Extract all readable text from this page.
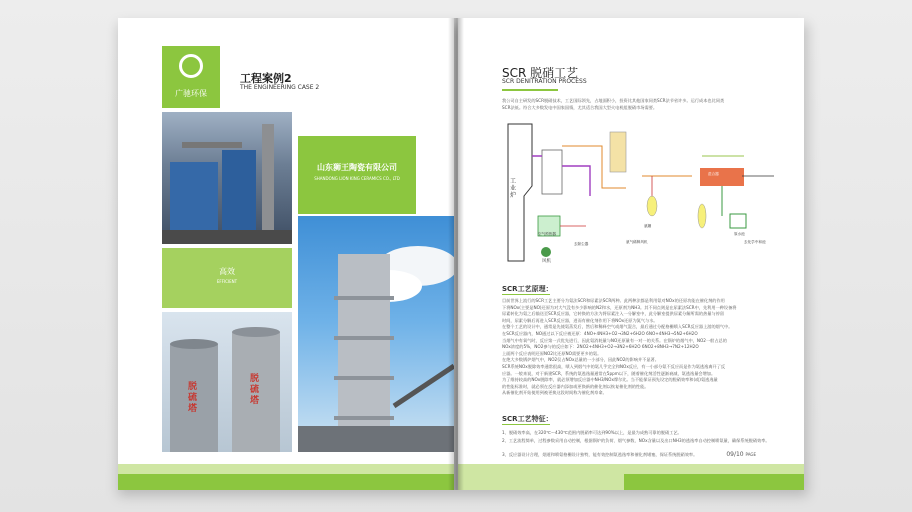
广驰环保
工程案例2
THE ENGINEERING CASE 2
山东狮王陶瓷有限公司
SHANDONG LION KING CERAMICS CO., LTD
高效
EFFICIENT
脱硫塔
脱硫塔
SCR 脱硝工艺
SCR DENITRATION PROCESS
我公司自主研发的SCR脱硝技术，工艺国际领先，占地面积小，投资比其他国家同类SCR法节省许多。运行成本也比同类
SCR法低。符合大多数发电中国家国情，尤其适合我国大型火电机组脱硝市场需要。
工业炉
风机
空气预热器
去除尘器
氨罐
氨气稀释风机
混合器
原水池
去化学中和池
SCR工艺原理：
目前世界上流行的SCR工艺主要分为氨法SCR和尿素法SCR两种。此两种法都是利用氨对NOx的还原功能在催化剂的作用
下将NOx(主要是NO)还原为对大气没有多少影响的N2和水，还原剂为NH3。其不同点则是在尿素法SCR中，先利用一种设备将
尿素转化为氨之后输送至SCR反应器，它转换的方法为将尿素注入一分解室中，此分解室提供尿素分解所需的热量与停留
时间，尿素分解后再进入SCR反应器，进而有催化剂作用下将NOx还原为氮气与水。
在整个工艺的设计中，通常是先使氨蒸发后，然后和稀释空气或烟气混合，最后通过分配格栅喷入SCR反应器上游的烟气中。
在SCR反应器内，NO通过以下反应被还原：4NO+4NH3+O2→3N2+6H2O 6NO+4NH3→5N2+6H2O
当烟气中有氧气时，反应第一式优先进行，因此氨消耗量与NO还原量有一对一的关系。在锅炉的烟气中，NO2一般占总的
NOx浓度的5%，NO2参与的反应如下：2NO2+4NH3+O2→3N2+6H2O 6NO2+8NH3→7N2+12H2O
上面两个反应表明还原NO2比还原NO需要更多的氨。
在绝大多数锅炉烟气中，NO2仅占NOx总量的一小部分，因此NO2的影响并不显著。
SCR系统NOx脱除效率通常很高，喷入到烟气中的氨几乎完全和NOx反应，有一小部分氨不反应而是作为氨逃逸离开了反
应器。一般来说，对于新建SCR，系统的氨逃逸量通常在5ppm以下，随着催化剂活性逐渐衰减，氨逃逸量会增加。
为了维持较高的NOx脱除率，就必须增加反应器中NH3/NOx摩尔比。当不能保证预先设定的脱硝效率和(或)氨逃逸量
的性能标准时，就必须在反应器内添加或更换新的催化剂以恢复催化剂的性能。
从新催化剂开始使用到被更换这段时间称为催化剂寿命。
SCR工艺特征：
1、脱硝效率高，在320℃～430℃范围内脱硝率可达到90%以上，是最为成熟可靠的脱硝工艺。
2、工艺流程简单，过程参数采用自动控制，根据锅炉的负荷、烟气参数、NOx含量以及出口NH3的逃逸率自动控制喷氨量，确保系统脱硝效率。
3、反应器设计合理，烟道和喷氨格栅设计独特，能有效控制氨逃逸率和催化剂堵塞，保证系统脱硝效率。	09/10 PAGE
